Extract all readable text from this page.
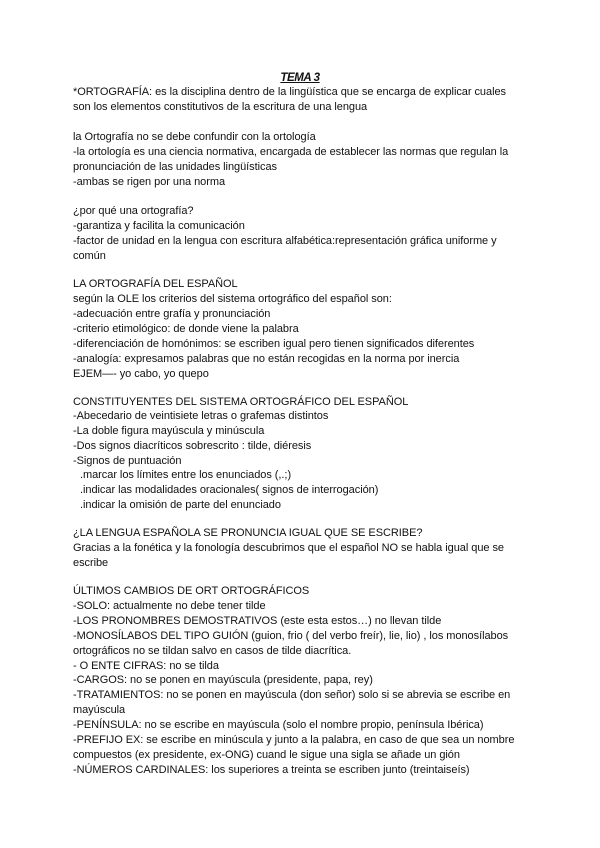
TEMA 3
*ORTOGRAFÍA: es la disciplina dentro de la lingüística que se encarga de explicar cuales
son los elementos constitutivos de la escritura de una lengua
la Ortografía no se debe confundir con la ortología
-la ortología es una ciencia normativa, encargada de establecer las normas que regulan la
pronunciación de las unidades lingüísticas
-ambas se rigen por una norma
¿por qué una ortografía?
-garantiza y facilita la comunicación
-factor de unidad en la lengua con escritura alfabética:representación gráfica uniforme y
común
LA ORTOGRAFÍA DEL ESPAÑOL
según la OLE los criterios del sistema ortográfico del español son:
-adecuación entre grafía y pronunciación
-criterio etimológico: de donde viene la palabra
-diferenciación de homónimos: se escriben igual pero tienen significados diferentes
-analogía: expresamos palabras que no están recogidas en la norma por inercia
EJEM—- yo cabo, yo quepo
CONSTITUYENTES DEL SISTEMA ORTOGRÁFICO DEL ESPAÑOL
-Abecedario de veintisiete letras o grafemas distintos
-La doble figura mayúscula y minúscula
-Dos signos diacríticos sobrescrito : tilde, diéresis
-Signos de puntuación
.marcar los límites entre los enunciados (,.;)
.indicar las modalidades oracionales( signos de interrogación)
.indicar la omisión de parte del enunciado
¿LA LENGUA ESPAÑOLA SE PRONUNCIA IGUAL QUE SE ESCRIBE?
Gracias a la fonética y la fonología descubrimos que el español NO se habla igual que se
escribe
ÚLTIMOS CAMBIOS DE ORT ORTOGRÁFICOS
-SOLO: actualmente no debe tener tilde
-LOS PRONOMBRES DEMOSTRATIVOS (este esta estos…) no llevan tilde
-MONOSÍLABOS DEL TIPO GUIÓN (guion, frio ( del verbo freír), lie, lio) , los monosílabos
ortográficos no se tildan salvo en casos de tilde diacrítica.
- O ENTE CIFRAS: no se tilda
-CARGOS: no se ponen en mayúscula (presidente, papa, rey)
-TRATAMIENTOS: no se ponen en mayúscula (don señor) solo si se abrevia se escribe en
mayúscula
-PENÍNSULA: no se escribe en mayúscula (solo el nombre propio, península Ibérica)
-PREFIJO EX: se escribe en minúscula y junto a la palabra, en caso de que sea un nombre
compuestos (ex presidente, ex-ONG) cuand le sigue una sigla se añade un gión
-NÚMEROS CARDINALES: los superiores a treinta se escriben junto (treintaiseís)
